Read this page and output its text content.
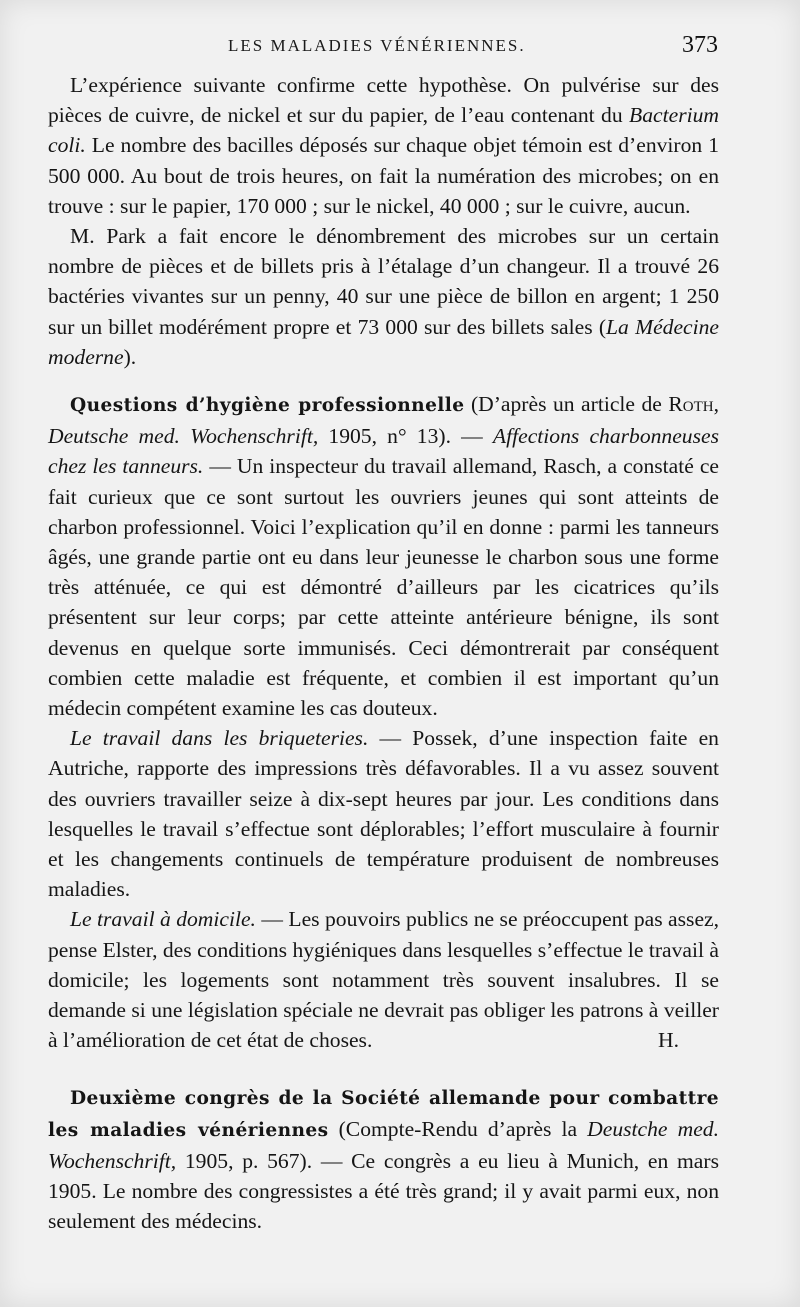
LES MALADIES VÉNÉRIENNES.	373

L’expérience suivante confirme cette hypothèse. On pulvérise sur des pièces de cuivre, de nickel et sur du papier, de l’eau contenant du Bacterium coli. Le nombre des bacilles déposés sur chaque objet témoin est d’environ 1 500 000. Au bout de trois heures, on fait la numération des microbes; on en trouve : sur le papier, 170 000 ; sur le nickel, 40 000 ; sur le cuivre, aucun.

M. Park a fait encore le dénombrement des microbes sur un certain nombre de pièces et de billets pris à l’étalage d’un changeur. Il a trouvé 26 bactéries vivantes sur un penny, 40 sur une pièce de billon en argent; 1 250 sur un billet modérément propre et 73 000 sur des billets sales (La Médecine moderne).

Questions d’hygiène professionnelle (D’après un article de Roth, Deutsche med. Wochenschrift, 1905, n° 13). — Affections charbonneuses chez les tanneurs. — Un inspecteur du travail allemand, Rasch, a constaté ce fait curieux que ce sont surtout les ouvriers jeunes qui sont atteints de charbon professionnel. Voici l’explication qu’il en donne : parmi les tanneurs âgés, une grande partie ont eu dans leur jeunesse le charbon sous une forme très atténuée, ce qui est démontré d’ailleurs par les cicatrices qu’ils présentent sur leur corps; par cette atteinte antérieure bénigne, ils sont devenus en quelque sorte immunisés. Ceci démontrerait par conséquent combien cette maladie est fréquente, et combien il est important qu’un médecin compétent examine les cas douteux.

Le travail dans les briqueteries. — Possek, d’une inspection faite en Autriche, rapporte des impressions très défavorables. Il a vu assez souvent des ouvriers travailler seize à dix-sept heures par jour. Les conditions dans lesquelles le travail s’effectue sont déplorables; l’effort musculaire à fournir et les changements continuels de température produisent de nombreuses maladies.

Le travail à domicile. — Les pouvoirs publics ne se préoccupent pas assez, pense Elster, des conditions hygiéniques dans lesquelles s’effectue le travail à domicile; les logements sont notamment très souvent insalubres. Il se demande si une législation spéciale ne devrait pas obliger les patrons à veiller à l’amélioration de cet état de choses.	H.

Deuxième congrès de la Société allemande pour combattre les maladies vénériennes (Compte-Rendu d’après la Deustche med. Wochenschrift, 1905, p. 567). — Ce congrès a eu lieu à Munich, en mars 1905. Le nombre des congressistes a été très grand; il y avait parmi eux, non seulement des médecins.
